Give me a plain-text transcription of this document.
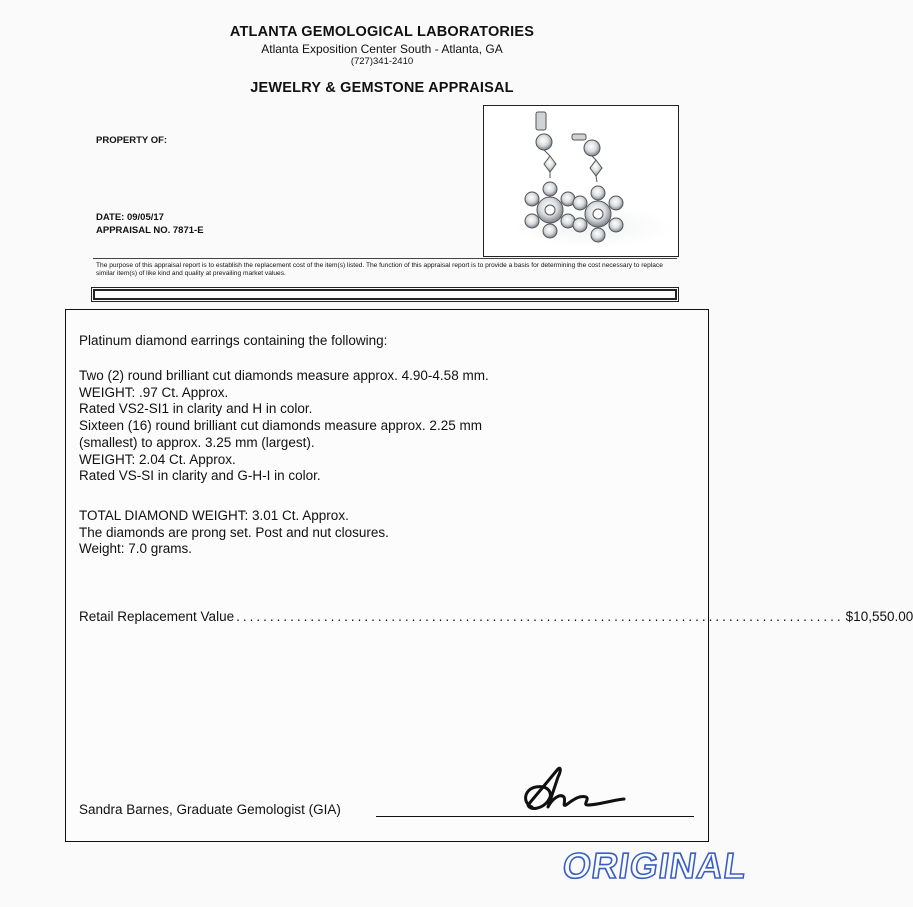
ATLANTA GEMOLOGICAL LABORATORIES
Atlanta Exposition Center South - Atlanta, GA
(727)341-2410
JEWELRY & GEMSTONE APPRAISAL
PROPERTY OF:
DATE: 09/05/17
APPRAISAL NO. 7871-E
The purpose of this appraisal report is to establish the replacement cost of the item(s) listed. The function of this appraisal report is to provide a basis for determining the cost necessary to replace similar item(s) of like kind and quality at prevailing market values.
Platinum diamond earrings containing the following:
Two (2) round brilliant cut diamonds measure approx. 4.90-4.58 mm.
WEIGHT: .97 Ct. Approx.
Rated VS2-SI1 in clarity and H in color.
Sixteen (16) round brilliant cut diamonds measure approx. 2.25 mm
(smallest) to approx. 3.25 mm (largest).
WEIGHT: 2.04 Ct. Approx.
Rated VS-SI in clarity and G-H-I in color.
TOTAL DIAMOND WEIGHT: 3.01 Ct. Approx.
The diamonds are prong set. Post and nut closures.
Weight: 7.0 grams.
Retail Replacement Value .......................................................................................... $10,550.00
Sandra Barnes, Graduate Gemologist (GIA)
ORIGINAL
